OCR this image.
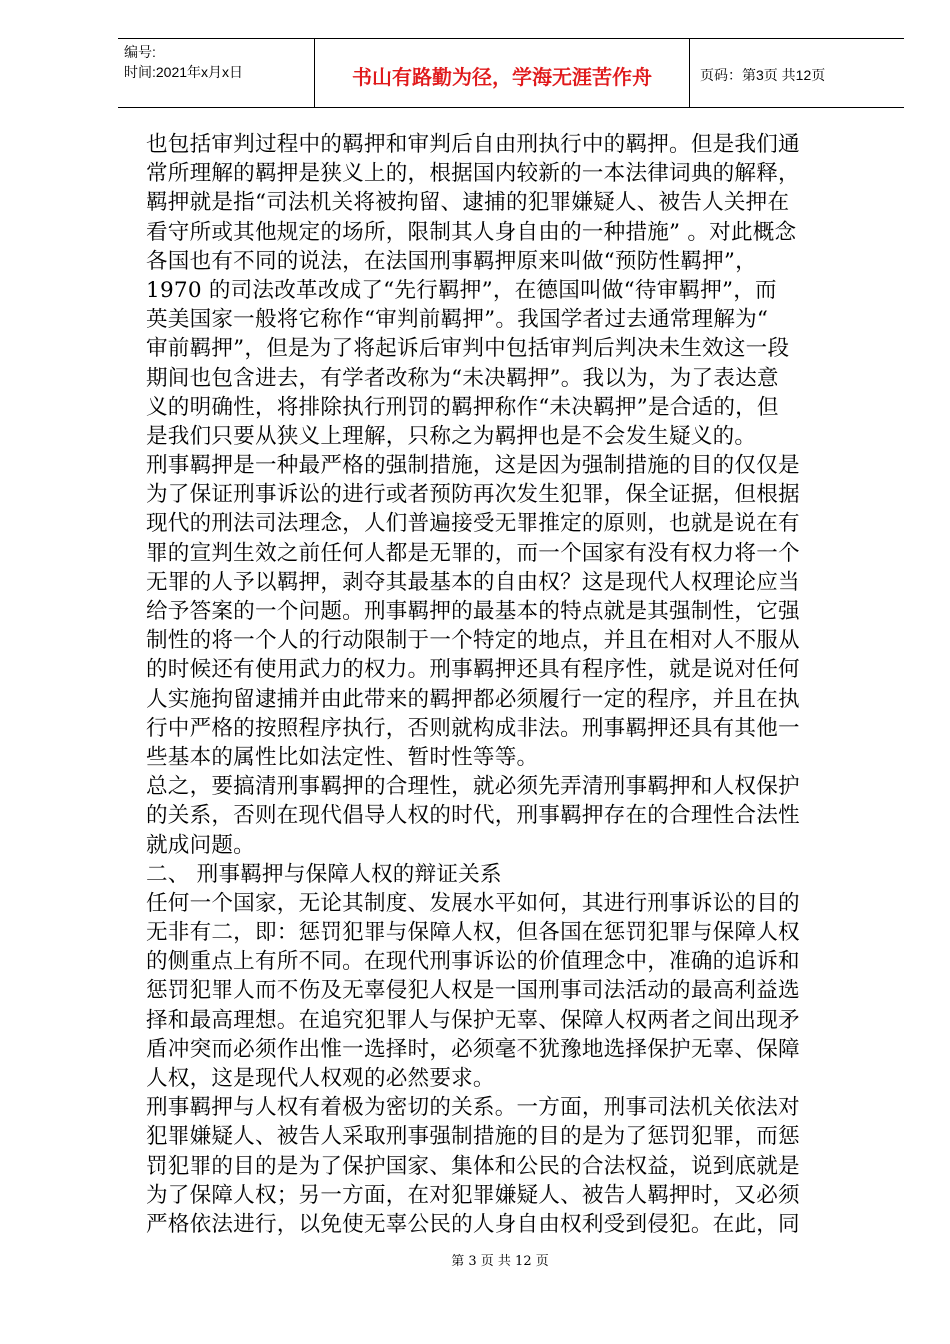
编号:
时间:2021年x月x日	书山有路勤为径，学海无涯苦作舟	页码：第3页 共12页
也包括审判过程中的羁押和审判后自由刑执行中的羁押。但是我们通
常所理解的羁押是狭义上的，根据国内较新的一本法律词典的解释，
羁押就是指“司法机关将被拘留、逮捕的犯罪嫌疑人、被告人关押在
看守所或其他规定的场所，限制其人身自由的一种措施” 。对此概念
各国也有不同的说法，在法国刑事羁押原来叫做“预防性羁押”，
1970 的司法改革改成了“先行羁押”，在德国叫做“待审羁押”，而
英美国家一般将它称作“审判前羁押”。我国学者过去通常理解为“
审前羁押”，但是为了将起诉后审判中包括审判后判决未生效这一段
期间也包含进去，有学者改称为“未决羁押”。我以为，为了表达意
义的明确性，将排除执行刑罚的羁押称作“未决羁押”是合适的，但
是我们只要从狭义上理解，只称之为羁押也是不会发生疑义的。
刑事羁押是一种最严格的强制措施，这是因为强制措施的目的仅仅是
为了保证刑事诉讼的进行或者预防再次发生犯罪，保全证据，但根据
现代的刑法司法理念，人们普遍接受无罪推定的原则，也就是说在有
罪的宣判生效之前任何人都是无罪的，而一个国家有没有权力将一个
无罪的人予以羁押，剥夺其最基本的自由权？这是现代人权理论应当
给予答案的一个问题。刑事羁押的最基本的特点就是其强制性，它强
制性的将一个人的行动限制于一个特定的地点，并且在相对人不服从
的时候还有使用武力的权力。刑事羁押还具有程序性，就是说对任何
人实施拘留逮捕并由此带来的羁押都必须履行一定的程序，并且在执
行中严格的按照程序执行，否则就构成非法。刑事羁押还具有其他一
些基本的属性比如法定性、暂时性等等。
总之，要搞清刑事羁押的合理性，就必须先弄清刑事羁押和人权保护
的关系，否则在现代倡导人权的时代，刑事羁押存在的合理性合法性
就成问题。
二、 刑事羁押与保障人权的辩证关系
任何一个国家，无论其制度、发展水平如何，其进行刑事诉讼的目的
无非有二，即：惩罚犯罪与保障人权，但各国在惩罚犯罪与保障人权
的侧重点上有所不同。在现代刑事诉讼的价值理念中，准确的追诉和
惩罚犯罪人而不伤及无辜侵犯人权是一国刑事司法活动的最高利益选
择和最高理想。在追究犯罪人与保护无辜、保障人权两者之间出现矛
盾冲突而必须作出惟一选择时，必须毫不犹豫地选择保护无辜、保障
人权，这是现代人权观的必然要求。
刑事羁押与人权有着极为密切的关系。一方面，刑事司法机关依法对
犯罪嫌疑人、被告人采取刑事强制措施的目的是为了惩罚犯罪，而惩
罚犯罪的目的是为了保护国家、集体和公民的合法权益，说到底就是
为了保障人权；另一方面，在对犯罪嫌疑人、被告人羁押时，又必须
严格依法进行，以免使无辜公民的人身自由权利受到侵犯。在此，同
第 3 页 共 12 页
